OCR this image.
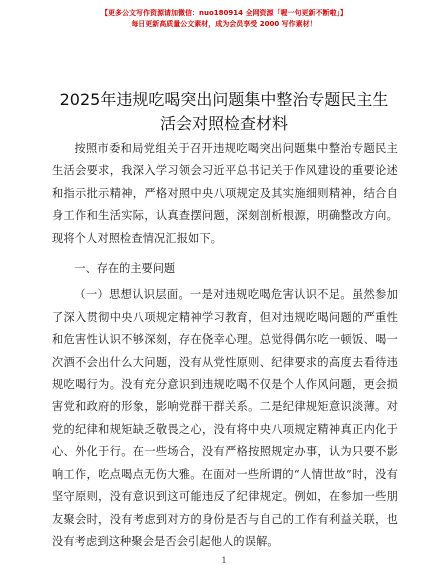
【更多公文写作资源请加微信：nuo180914 全网资源「喔一句更新不断啦」】
每日更新高质量公文素材，成为会员享受 2000 写作素材！
2025年违规吃喝突出问题集中整治专题民主生
活会对照检查材料

按照市委和局党组关于召开违规吃喝突出问题集中整治专题民主生活会要求，我深入学习领会习近平总书记关于作风建设的重要论述和指示批示精神，严格对照中央八项规定及其实施细则精神，结合自身工作和生活实际，认真查摆问题，深刻剖析根源，明确整改方向。现将个人对照检查情况汇报如下。

一、存在的主要问题

（一）思想认识层面。一是对违规吃喝危害认识不足。虽然参加了深入贯彻中央八项规定精神学习教育，但对违规吃喝问题的严重性和危害性认识不够深刻，存在侥幸心理。总觉得偶尔吃一顿饭、喝一次酒不会出什么大问题，没有从党性原则、纪律要求的高度去看待违规吃喝行为。没有充分意识到违规吃喝不仅是个人作风问题，更会损害党和政府的形象，影响党群干群关系。二是纪律规矩意识淡薄。对党的纪律和规矩缺乏敬畏之心，没有将中央八项规定精神真正内化于心、外化于行。在一些场合，没有严格按照规定办事，认为只要不影响工作，吃点喝点无伤大雅。在面对一些所谓的“人情世故”时，没有坚守原则，没有意识到这可能违反了纪律规定。例如，在参加一些朋友聚会时，没有考虑到对方的身份是否与自己的工作有利益关联，也没有考虑到这种聚会是否会引起他人的误解。

1
